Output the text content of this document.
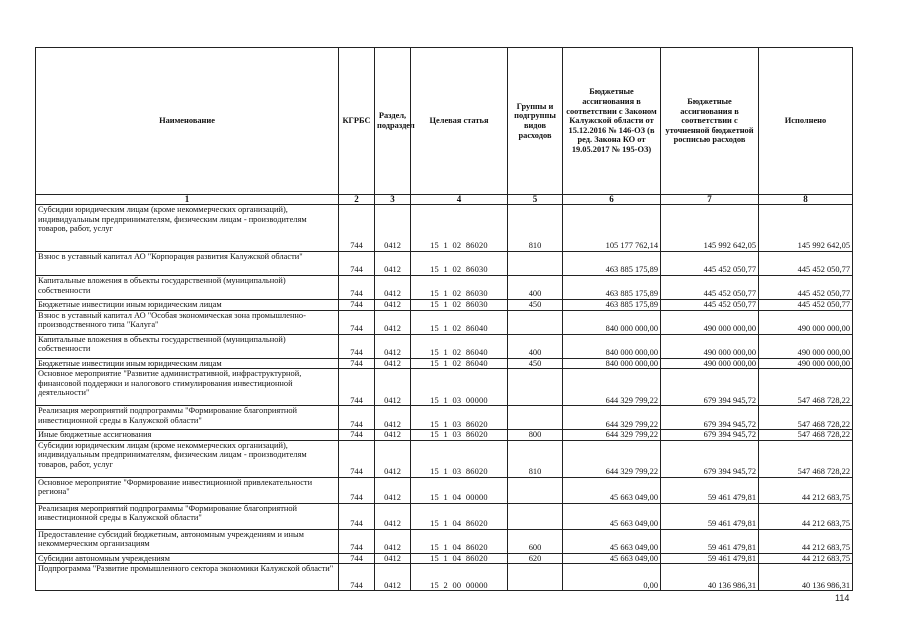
Наименование	КГРБС	Раздел, подраздел	Целевая статья	Группы и подгруппы видов расходов	Бюджетные ассигнования в соответствии с Законом Калужской области от 15.12.2016 № 146-ОЗ (в ред. Закона КО от 19.05.2017 № 195-ОЗ)	Бюджетные ассигнования в соответствии с уточненной бюджетной росписью расходов	Исполнено
1	2	3	4	5	6	7	8
Субсидии юридическим лицам (кроме некоммерческих организаций), индивидуальным предпринимателям, физическим лицам - производителям товаров, работ, услуг	744	0412	15  1  02  86020	810	105 177 762,14	145 992 642,05	145 992 642,05
Взнос в уставный капитал АО "Корпорация развития Калужской области"	744	0412	15  1  02  86030		463 885 175,89	445 452 050,77	445 452 050,77
Капитальные вложения в объекты государственной (муниципальной) собственности	744	0412	15  1  02  86030	400	463 885 175,89	445 452 050,77	445 452 050,77
Бюджетные инвестиции иным юридическим лицам	744	0412	15  1  02  86030	450	463 885 175,89	445 452 050,77	445 452 050,77
Взнос в уставный капитал АО "Особая экономическая зона промышленно-производственного типа "Калуга"	744	0412	15  1  02  86040		840 000 000,00	490 000 000,00	490 000 000,00
Капитальные вложения в объекты государственной (муниципальной) собственности	744	0412	15  1  02  86040	400	840 000 000,00	490 000 000,00	490 000 000,00
Бюджетные инвестиции иным юридическим лицам	744	0412	15  1  02  86040	450	840 000 000,00	490 000 000,00	490 000 000,00
Основное мероприятие "Развитие административной, инфраструктурной, финансовой поддержки и налогового стимулирования инвестиционной деятельности"	744	0412	15  1  03  00000		644 329 799,22	679 394 945,72	547 468 728,22
Реализация мероприятий подпрограммы "Формирование благоприятной инвестиционной среды в Калужской области"	744	0412	15  1  03  86020		644 329 799,22	679 394 945,72	547 468 728,22
Иные бюджетные ассигнования	744	0412	15  1  03  86020	800	644 329 799,22	679 394 945,72	547 468 728,22
Субсидии юридическим лицам (кроме некоммерческих организаций), индивидуальным предпринимателям, физическим лицам - производителям товаров, работ, услуг	744	0412	15  1  03  86020	810	644 329 799,22	679 394 945,72	547 468 728,22
Основное мероприятие "Формирование инвестиционной привлекательности региона"	744	0412	15  1  04  00000		45 663 049,00	59 461 479,81	44 212 683,75
Реализация мероприятий подпрограммы "Формирование благоприятной инвестиционной среды в Калужской области"	744	0412	15  1  04  86020		45 663 049,00	59 461 479,81	44 212 683,75
Предоставление субсидий бюджетным, автономным учреждениям и иным некоммерческим организациям	744	0412	15  1  04  86020	600	45 663 049,00	59 461 479,81	44 212 683,75
Субсидии автономным учреждениям	744	0412	15  1  04  86020	620	45 663 049,00	59 461 479,81	44 212 683,75
Подпрограмма "Развитие промышленного сектора экономики Калужской области"	744	0412	15  2  00  00000		0,00	40 136 986,31	40 136 986,31
114
